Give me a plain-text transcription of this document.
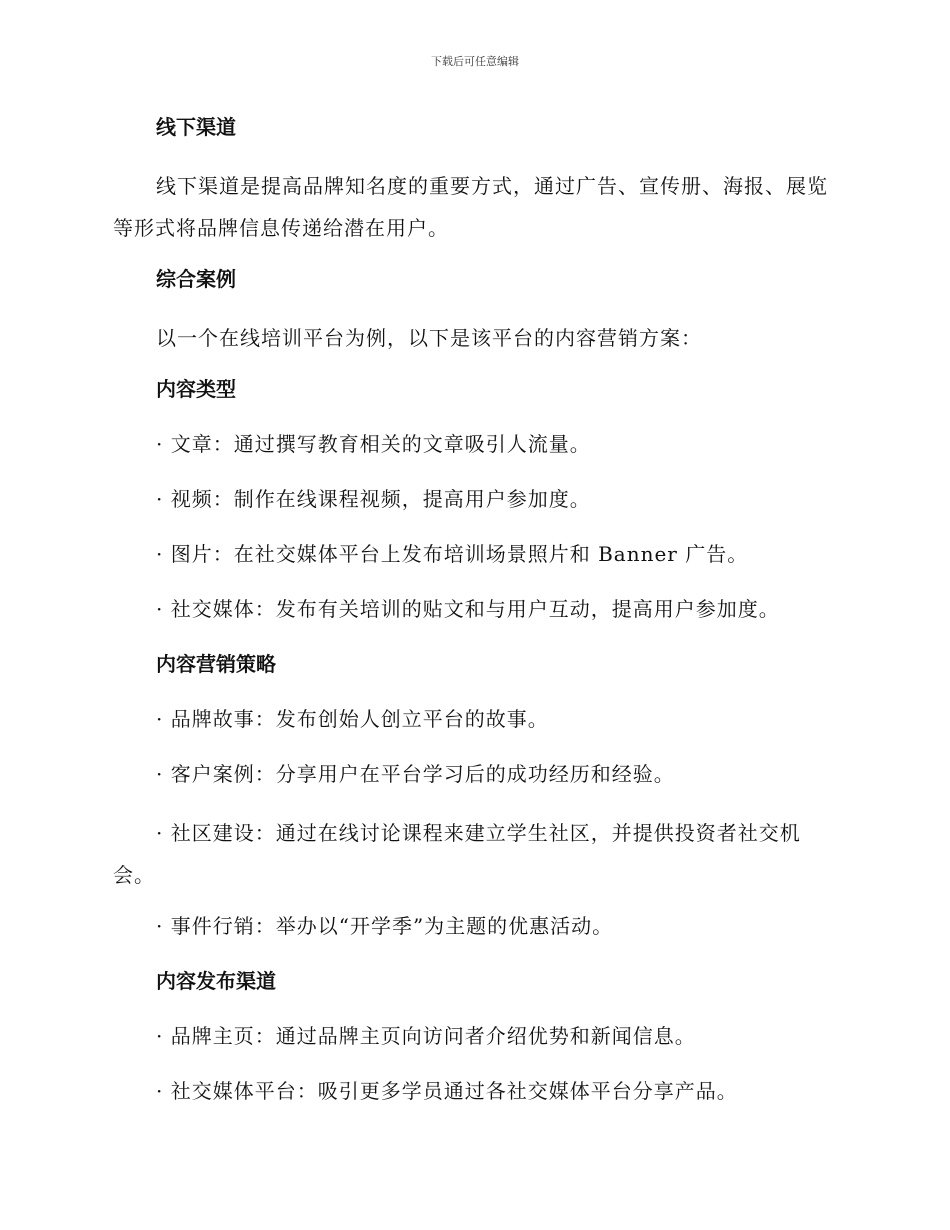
下载后可任意编辑

线下渠道

线下渠道是提高品牌知名度的重要方式，通过广告、宣传册、海报、展览等形式将品牌信息传递给潜在用户。

综合案例

以一个在线培训平台为例，以下是该平台的内容营销方案：

内容类型

· 文章：通过撰写教育相关的文章吸引人流量。

· 视频：制作在线课程视频，提高用户参加度。

· 图片：在社交媒体平台上发布培训场景照片和 Banner 广告。

· 社交媒体：发布有关培训的贴文和与用户互动，提高用户参加度。

内容营销策略

· 品牌故事：发布创始人创立平台的故事。

· 客户案例：分享用户在平台学习后的成功经历和经验。

· 社区建设：通过在线讨论课程来建立学生社区，并提供投资者社交机会。

· 事件行销：举办以“开学季”为主题的优惠活动。

内容发布渠道

· 品牌主页：通过品牌主页向访问者介绍优势和新闻信息。

· 社交媒体平台：吸引更多学员通过各社交媒体平台分享产品。
